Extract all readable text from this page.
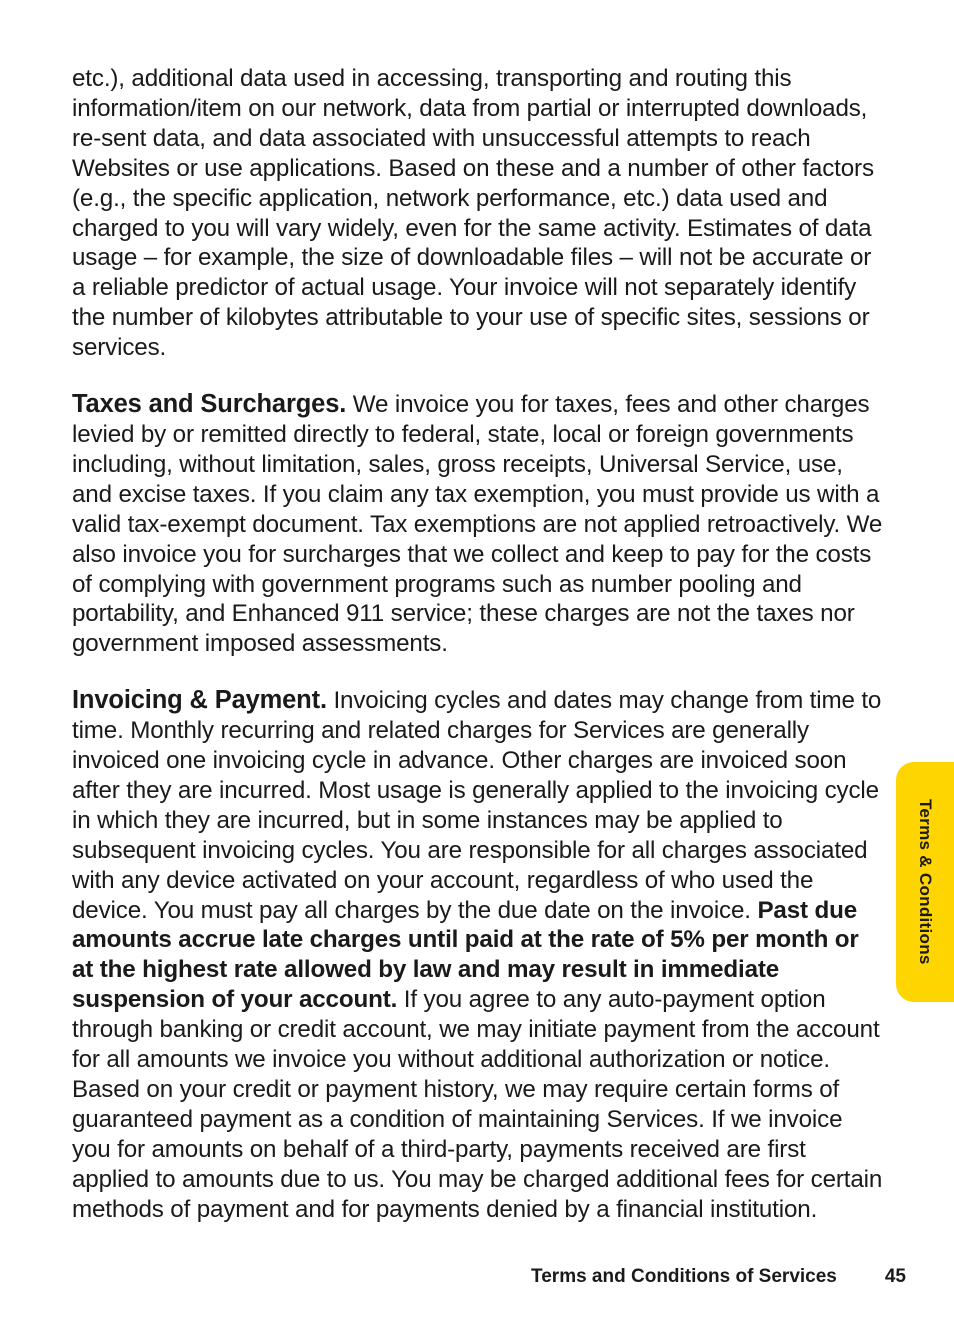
etc.), additional data used in accessing, transporting and routing this information/item on our network, data from partial or interrupted downloads, re-sent data, and data associated with unsuccessful attempts to reach Websites or use applications. Based on these and a number of other factors (e.g., the specific application, network performance, etc.) data used and charged to you will vary widely, even for the same activity. Estimates of data usage – for example, the size of downloadable files – will not be accurate or a reliable predictor of actual usage. Your invoice will not separately identify the number of kilobytes attributable to your use of specific sites, sessions or services.

Taxes and Surcharges. We invoice you for taxes, fees and other charges levied by or remitted directly to federal, state, local or foreign governments including, without limitation, sales, gross receipts, Universal Service, use, and excise taxes. If you claim any tax exemption, you must provide us with a valid tax-exempt document. Tax exemptions are not applied retroactively. We also invoice you for surcharges that we collect and keep to pay for the costs of complying with government programs such as number pooling and portability, and Enhanced 911 service; these charges are not the taxes nor government imposed assessments.

Invoicing & Payment. Invoicing cycles and dates may change from time to time. Monthly recurring and related charges for Services are generally invoiced one invoicing cycle in advance. Other charges are invoiced soon after they are incurred. Most usage is generally applied to the invoicing cycle in which they are incurred, but in some instances may be applied to subsequent invoicing cycles. You are responsible for all charges associated with any device activated on your account, regardless of who used the device. You must pay all charges by the due date on the invoice. Past due amounts accrue late charges until paid at the rate of 5% per month or at the highest rate allowed by law and may result in immediate suspension of your account. If you agree to any auto-payment option through banking or credit account, we may initiate payment from the account for all amounts we invoice you without additional authorization or notice. Based on your credit or payment history, we may require certain forms of guaranteed payment as a condition of maintaining Services. If we invoice you for amounts on behalf of a third-party, payments received are first applied to amounts due to us. You may be charged additional fees for certain methods of payment and for payments denied by a financial institution.

Terms & Conditions
Terms and Conditions of Services	45
